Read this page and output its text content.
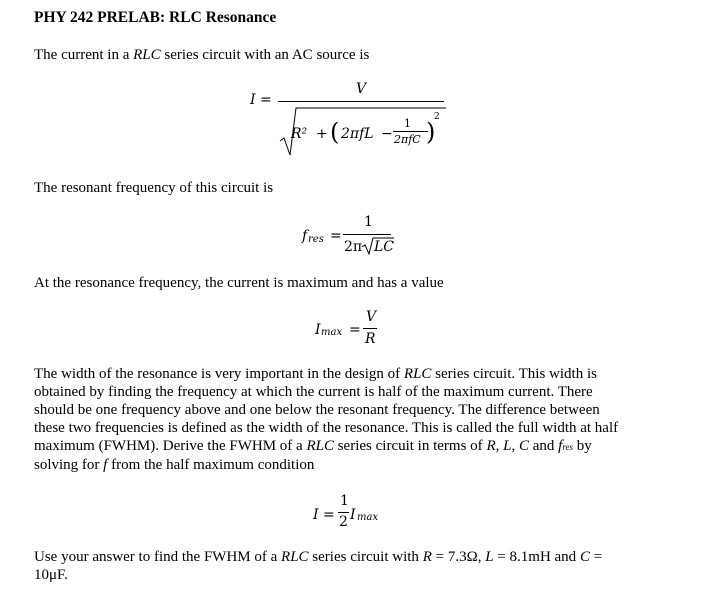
PHY 242 PRELAB: RLC Resonance
The current in a RLC series circuit with an AC source is
I =
V
R² + ( 2πfL −
1
2πfC )
2
The resonant frequency of this circuit is
f res =
1
2π LC
At the resonance frequency, the current is maximum and has a value
I max =
V
R
The width of the resonance is very important in the design of RLC series circuit. This width is
obtained by finding the frequency at which the current is half of the maximum current. There
should be one frequency above and one below the resonant frequency. The difference between
these two frequencies is defined as the width of the resonance. This is called the full width at half
maximum (FWHM). Derive the FWHM of a RLC series circuit in terms of R, L, C and fres by
solving for f from the half maximum condition
I =
1
2 I max
Use your answer to find the FWHM of a RLC series circuit with R = 7.3Ω, L = 8.1mH and C =
10μF.
